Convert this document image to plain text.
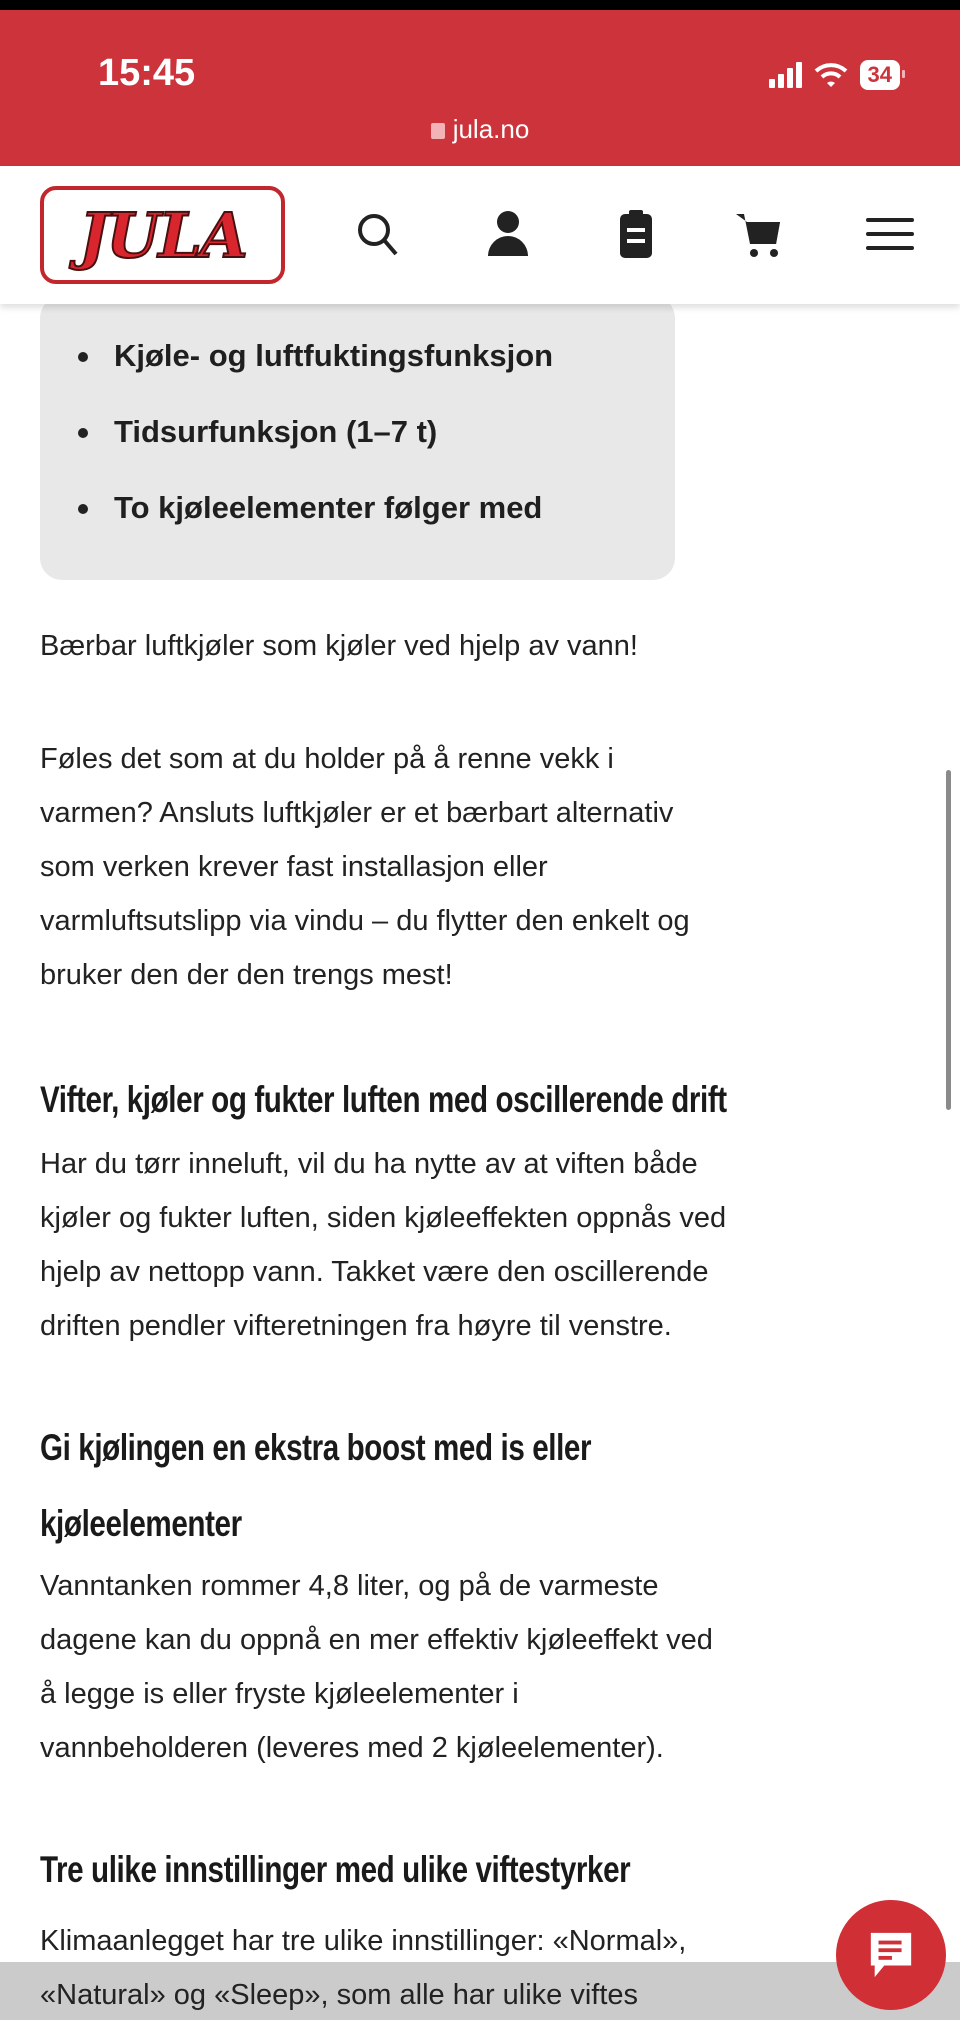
15:45	34
jula.no
JULA
Kjøle- og luftfuktingsfunksjon
Tidsurfunksjon (1–7 t)
To kjøleelementer følger med
Bærbar luftkjøler som kjøler ved hjelp av vann!
Føles det som at du holder på å renne vekk i
varmen? Ansluts luftkjøler er et bærbart alternativ
som verken krever fast installasjon eller
varmluftsutslipp via vindu – du flytter den enkelt og
bruker den der den trengs mest!
Vifter, kjøler og fukter luften med oscillerende drift
Har du tørr inneluft, vil du ha nytte av at viften både
kjøler og fukter luften, siden kjøleeffekten oppnås ved
hjelp av nettopp vann. Takket være den oscillerende
driften pendler vifteretningen fra høyre til venstre.
Gi kjølingen en ekstra boost med is eller
kjøleelementer
Vanntanken rommer 4,8 liter, og på de varmeste
dagene kan du oppnå en mer effektiv kjøleeffekt ved
å legge is eller fryste kjøleelementer i
vannbeholderen (leveres med 2 kjøleelementer).
Tre ulike innstillinger med ulike viftestyrker
Klimaanlegget har tre ulike innstillinger: «Normal»,
«Natural» og «Sleep», som alle har ulike viftes
